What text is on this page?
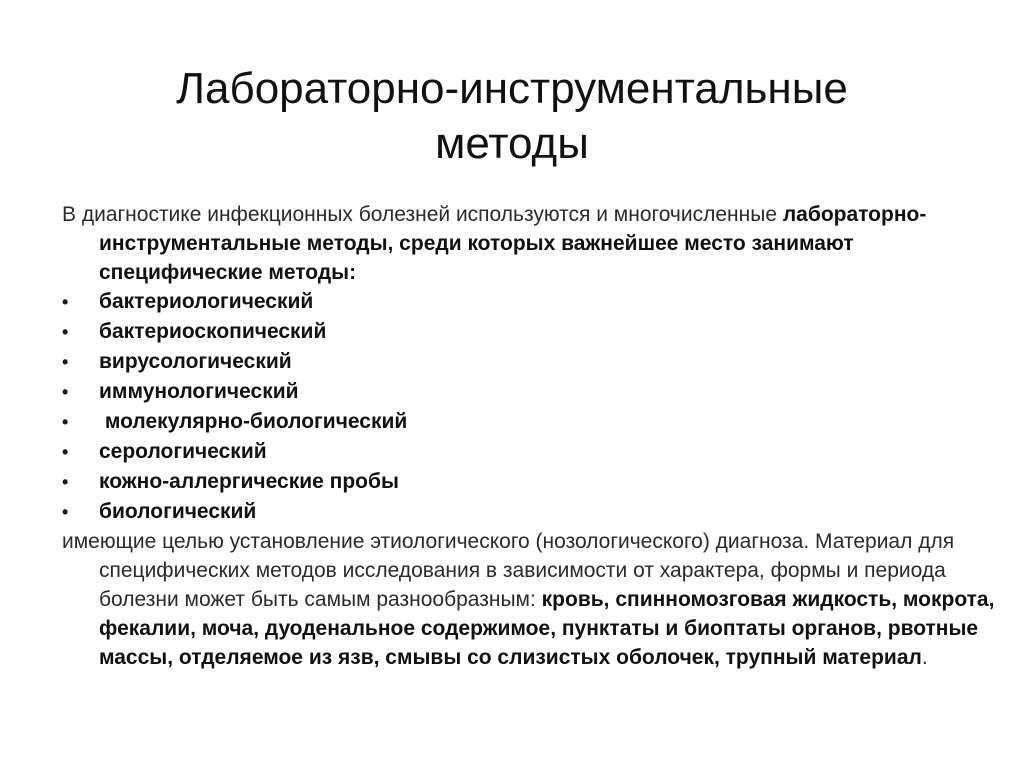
Лабораторно-инструментальные
методы

В диагностике инфекционных болезней используются и многочисленные лабораторно-инструментальные методы, среди которых важнейшее место занимают специфические методы:

• бактериологический
• бактериоскопический
• вирусологический
• иммунологический
• молекулярно-биологический
• серологический
• кожно-аллергические пробы
• биологический

имеющие целью установление этиологического (нозологического) диагноза. Материал для специфических методов исследования в зависимости от характера, формы и периода болезни может быть самым разнообразным: кровь, спинномозговая жидкость, мокрота, фекалии, моча, дуоденальное содержимое, пунктаты и биоптаты органов, рвотные массы, отделяемое из язв, смывы со слизистых оболочек, трупный материал.
